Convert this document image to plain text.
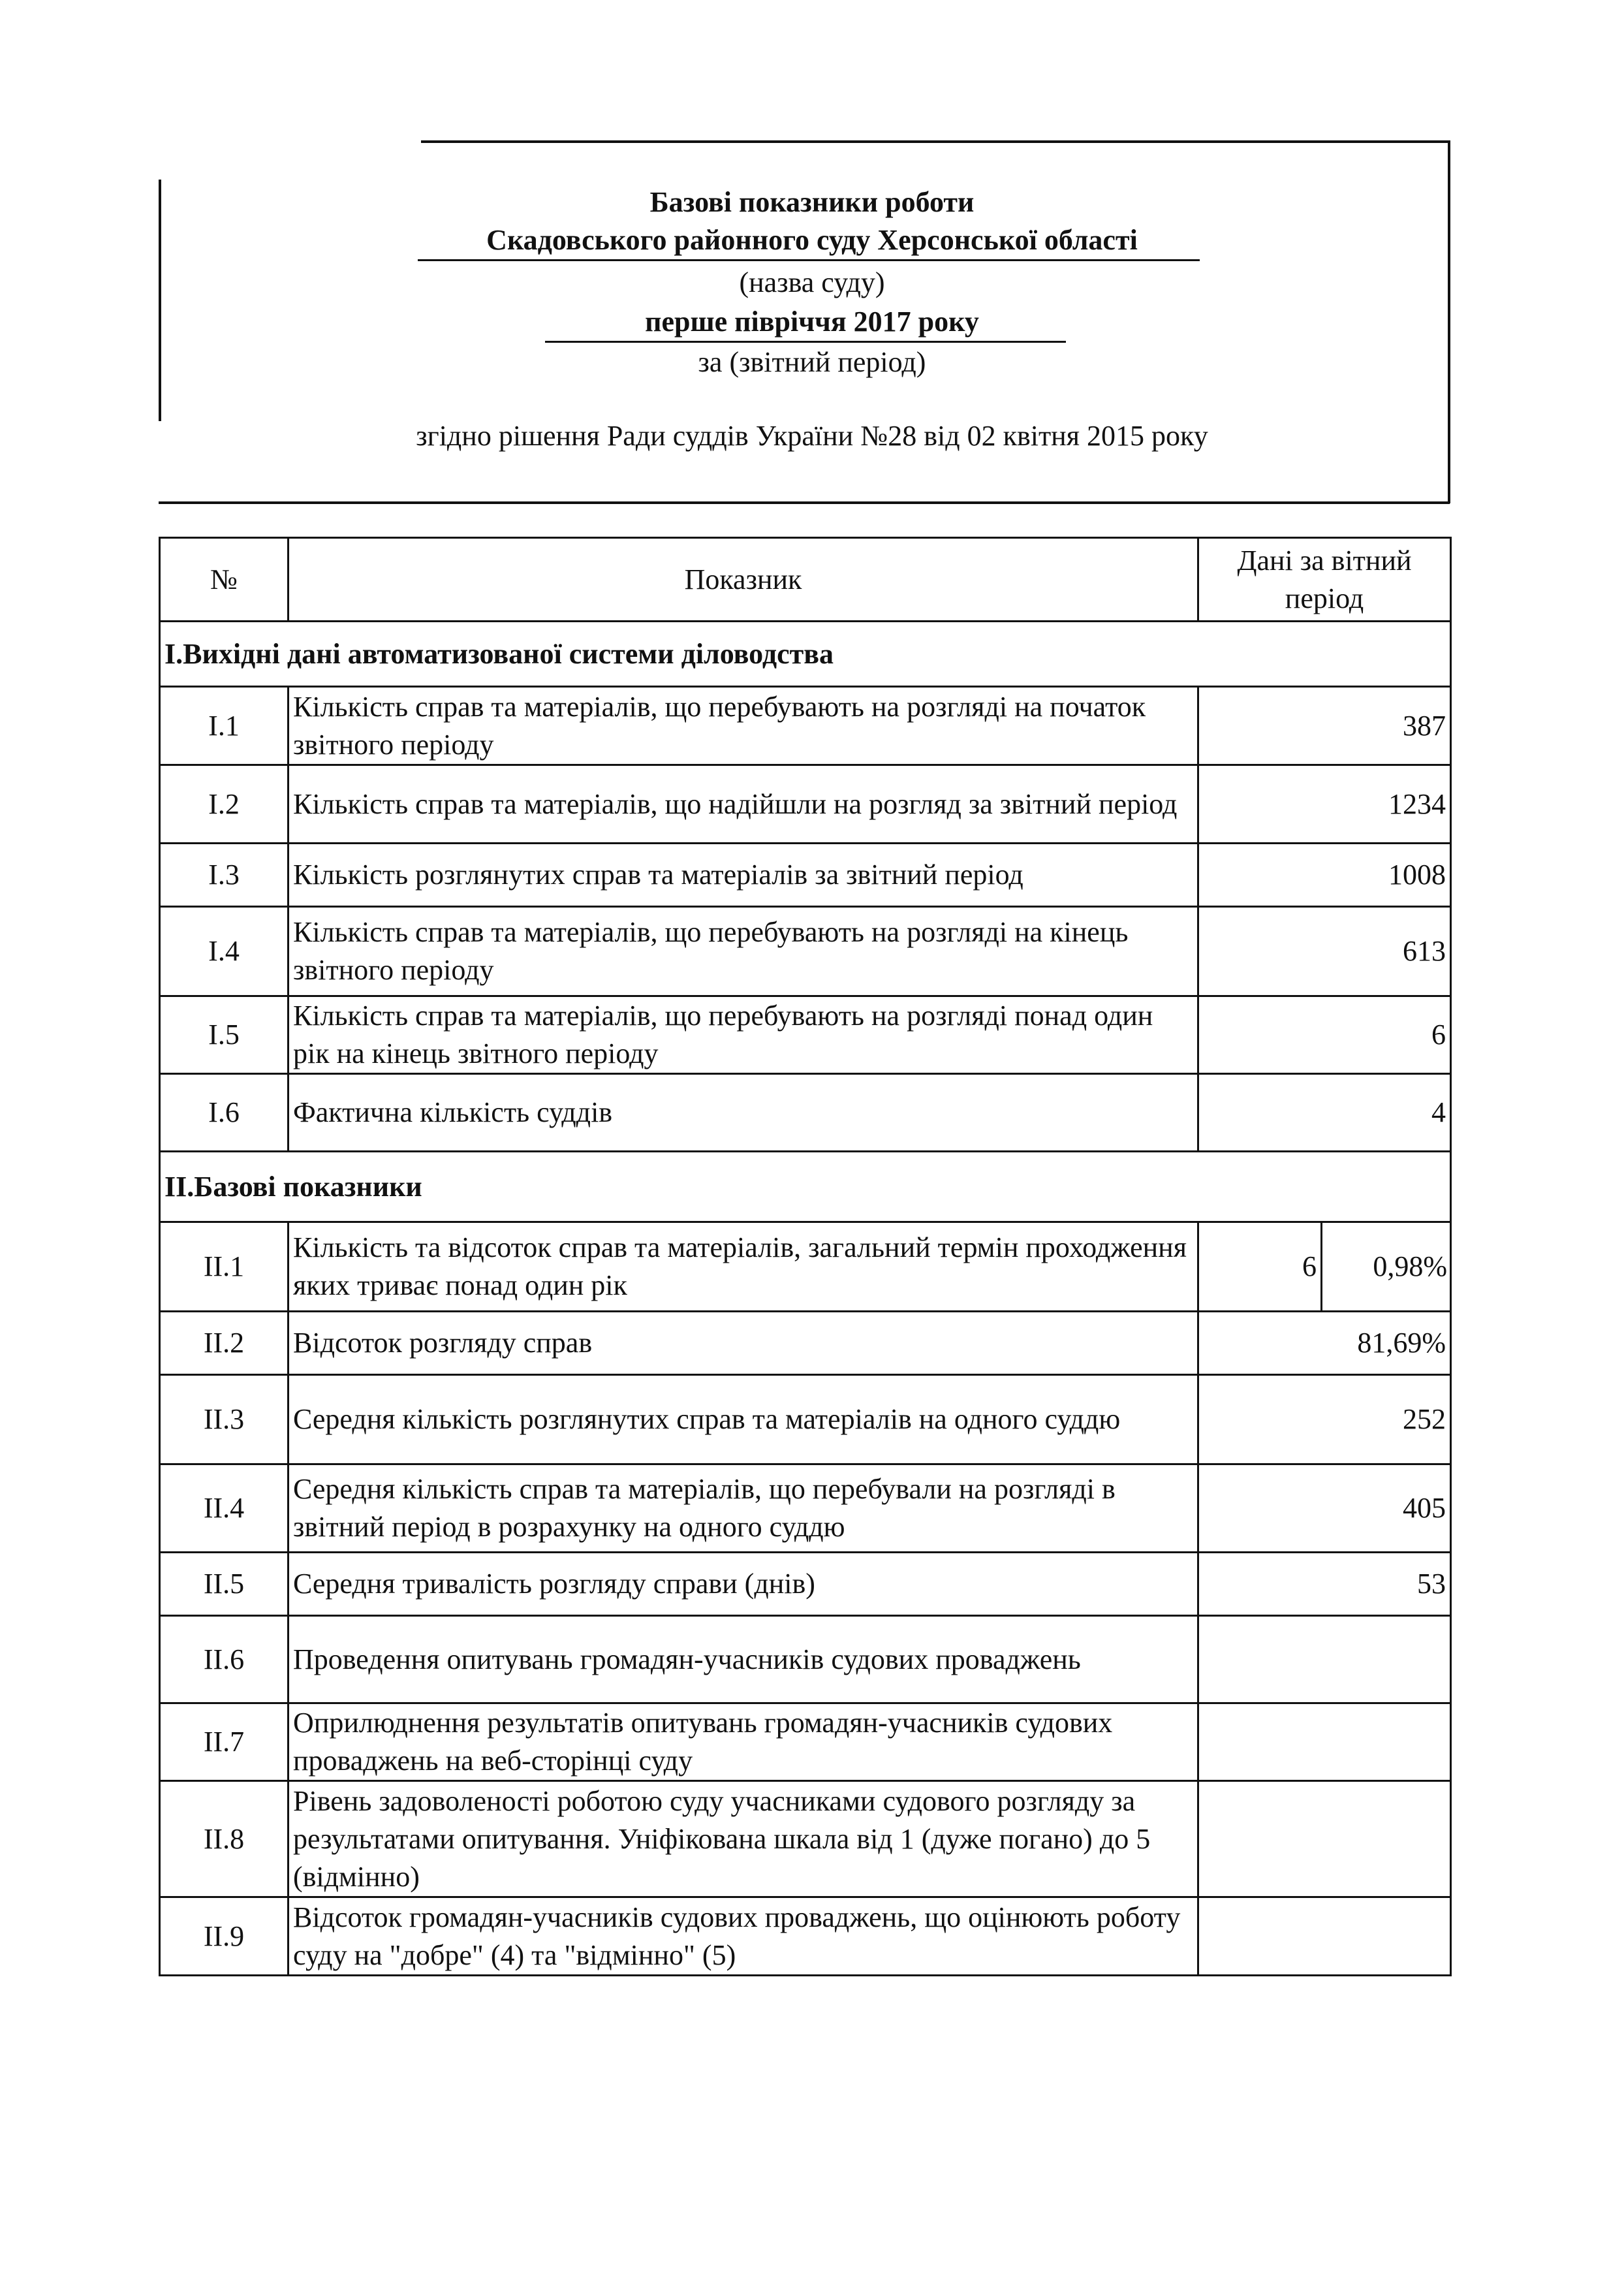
Базові показники роботи
Скадовського районного суду Херсонської області
(назва суду)
перше півріччя 2017 року
за (звітний період)
згідно рішення Ради суддів України №28 від 02 квітня 2015 року
№	Показник	Дані за вітний період
I.Вихідні дані автоматизованої системи діловодства		
I.1	Кількість справ та матеріалів, що перебувають на розгляді на початок звітного періоду	387
I.2	Кількість справ та матеріалів, що надійшли на розгляд за звітний період	1234
I.3	Кількість розглянутих справ та матеріалів за звітний період	1008
I.4	Кількість справ та матеріалів, що перебувають на розгляді на кінець звітного періоду	613
I.5	Кількість справ та матеріалів, що перебувають на розгляді понад один рік на кінець звітного періоду	6
I.6	Фактична кількість суддів	4
II.Базові показники		
II.1	Кількість та відсоток справ та матеріалів, загальний термін проходження яких триває понад один рік	6 0,98%

II.2	Відсоток розгляду справ	81,69%
II.3	Середня кількість розглянутих справ та матеріалів на одного суддю	252
II.4	Середня кількість справ та матеріалів, що перебували на розгляді в звітний період в розрахунку на одного суддю	405
II.5	Середня тривалість розгляду справи (днів)	53
II.6	Проведення опитувань громадян-учасників судових проваджень	
II.7	Оприлюднення результатів опитувань громадян-учасників судових проваджень на веб-сторінці суду	
II.8	Рівень задоволеності роботою суду учасниками судового розгляду за результатами опитування. Уніфікована шкала від 1 (дуже погано) до 5 (відмінно)	
II.9	Відсоток громадян-учасників судових проваджень, що оцінюють роботу суду на "добре" (4) та "відмінно" (5)	
